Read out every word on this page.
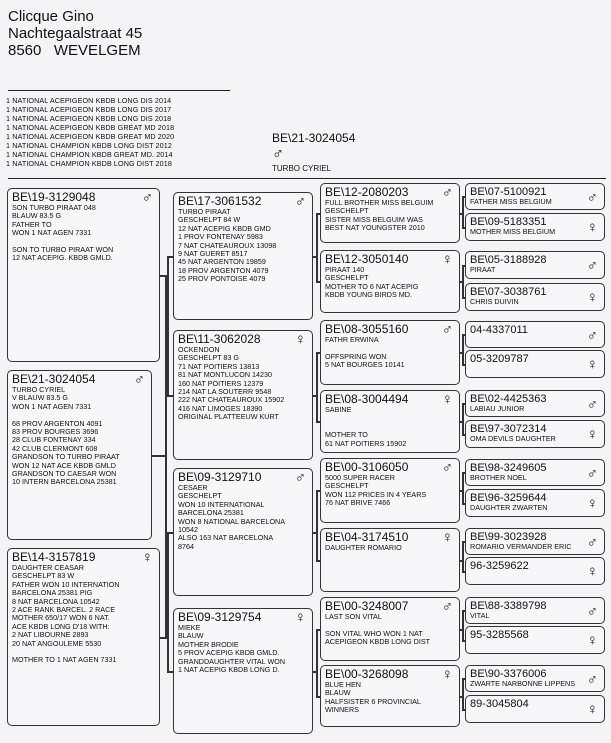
Clicque Gino
Nachtegaalstraat 45
8560 WEVELGEM
1 NATIONAL ACEPIGEON KBDB LONG DIS 2014
1 NATIONAL ACEPIGEON KBDB LONG DIS 2017
1 NATIONAL ACEPIGEON KBDB LONG DIS 2018
1 NATIONAL ACEPIGEON KBDB GREAT MD 2018
1 NATIONAL ACEPIGEON KBDB GREAT MD 2020
1 NATIONAL CHAMPION KBDB LONG DIST 2012
1 NATIONAL CHAMPION KBDB GREAT MD. 2014
1 NATIONAL CHAMPION KBDB LONG DIST 2018
BE\21-3024054
♂
TURBO CYRIEL
BE\21-3024054	♂
TURBO CYRIEL
V BLAUW 83.5 G
WON 1 NAT AGEN 7331

68 PROV ARGENTON 4091
83 PROV BOURGES 3696
28 CLUB FONTENAY 334
42 CLUB CLERMONT 608
GRANDSON TO TURBO PIRAAT
WON 12 NAT ACE KBDB GMLD
GRANDSON TO CAESAR WON
10 INTERN BARCELONA 25381
BE\19-3129048	♂
SON TURBO PIRAAT 048
BLAUW 83.5 G
FATHER TO
WON 1 NAT AGEN 7331

SON TO TURBO PIRAAT WON
12 NAT ACEPIG. KBDB GMLD.
BE\14-3157819	♀
DAUGHTER CEASAR
GESCHELPT 83 W
FATHER WON 10 INTERNATION
BARCELONA 25381 PIG
8 NAT BARCELONA 10542
2 ACE RANK BARCEL. 2 RACE
MOTHER 650/17 WON 6 NAT.
ACE KBDB LONG D'18 WITH:
2 NAT LIBOURNE 2893
20 NAT ANGOULEME 5530

MOTHER TO 1 NAT AGEN 7331
BE\17-3061532	♂
TURBO PIRAAT
GESCHELPT 84 W
12 NAT ACEPIG KBDB GMD
1 PROV FONTENAY 5983
7 NAT CHATEAUROUX 13098
9 NAT GUERET 8517
45 NAT ARGENTON 19859
18 PROV ARGENTON 4079
25 PROV PONTOISE 4079
BE\11-3062028	♀
OCKENDON
GESCHELPT 83 G
71 NAT POITIERS 13813
81 NAT MONTLUCON 14230
160 NAT POITIERS 12379
214 NAT LA SOUTERR 9548
222 NAT CHATEAUROUX 15902
416 NAT LIMOGES 18390
ORIGINAL PLATTEEUW KURT
BE\09-3129710	♂
CESAER
GESCHELPT
WON 10 INTERNATIONAL
BARCELONA 25381
WON 8 NATIONAL BARCELONA
10542
ALSO 163 NAT BARCELONA
8764
BE\09-3129754	♀
MIEKE
BLAUW
MOTHER BRODIE
5 PROV ACEPIG KBDB GMLD.
GRANDDAUGHTER VITAL WON
1 NAT ACEPIG KBDB LONG D.
BE\12-2080203	♂
FULL BROTHER MISS BELGUIM
GESCHELPT
SISTER MISS BELGUIM WAS
BEST NAT YOUNGSTER 2010
BE\12-3050140	♀
PIRAAT 140
GESCHELPT
MOTHER TO 6 NAT ACEPIG
KBDB YOUNG BIRDS MD.
BE\08-3055160	♂
FATHR ERWINA

OFFSPRING WON
5 NAT BOURGES 10141
BE\08-3004494	♀
SABINE

MOTHER TO
61 NAT POITIERS 15902
BE\00-3106050	♂
5000 SUPER RACER
GESCHELPT
WON 112 PRICES IN 4 YEARS
76 NAT BRIVE 7466
BE\04-3174510	♀
DAUGHTER ROMARIO
BE\00-3248007	♂
LAST SON VITAL

SON VITAL WHO WON 1 NAT
ACEPIGEON KBDB LONG DIST
BE\00-3268098	♀
BLUE HEN
BLAUW
HALFSISTER 6 PROVINCIAL
WINNERS
BE\07-5100921	♂
FATHER MISS BELGIUM
BE\09-5183351	♀
MOTHER MISS BELGIUM
BE\05-3188928	♂
PIRAAT
BE\07-3038761	♀
CHRIS DUIVIN
04-4337011	♂
05-3209787	♀
BE\02-4425363	♂
LABIAU JUNIOR
BE\97-3072314	♀
OMA DEVILS DAUGHTER
BE\98-3249605	♂
BROTHER NOEL
BE\96-3259644	♀
DAUGHTER ZWARTEN
BE\99-3023928	♂
ROMARIO VERMANDER ERIC
96-3259622	♀
BE\88-3389798	♂
VITAL
95-3285568	♀
BE\90-3376006	♂
ZWARTE NARBONNE LIPPENS
89-3045804	♀
